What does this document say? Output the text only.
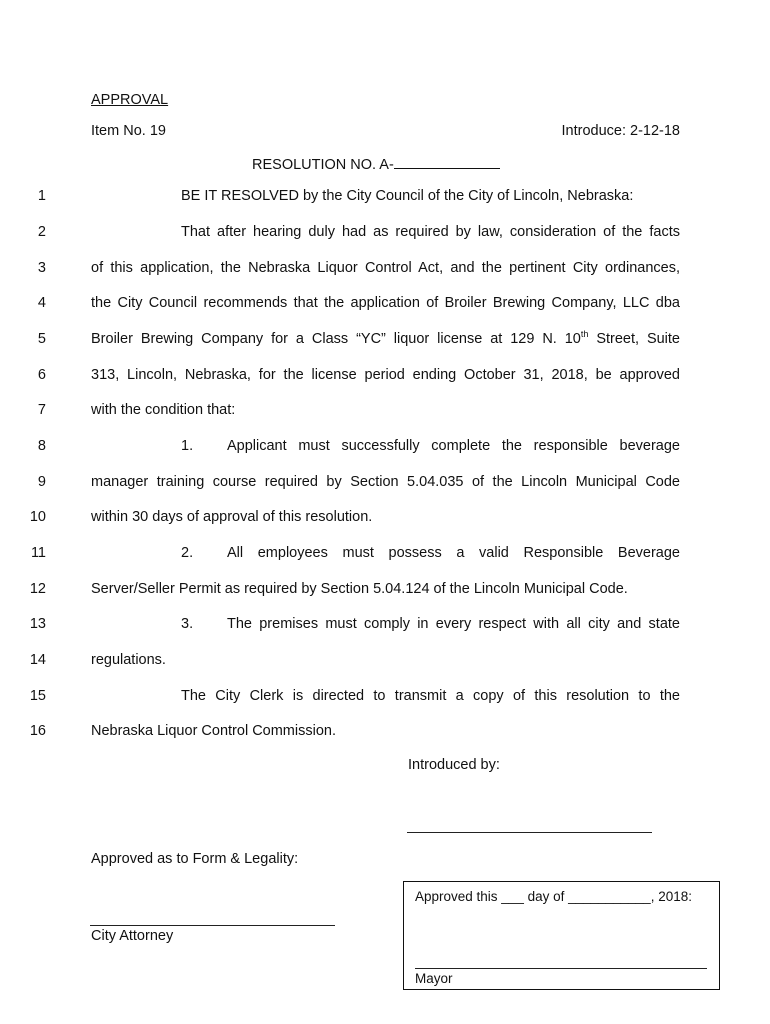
APPROVAL
Item No. 19	Introduce: 2-12-18
RESOLUTION NO. A-
1	BE IT RESOLVED by the City Council of the City of Lincoln, Nebraska:
2	That after hearing duly had as required by law, consideration of the facts
3	of this application, the Nebraska Liquor Control Act, and the pertinent City ordinances,
4	the City Council recommends that the application of Broiler Brewing Company, LLC dba
5	Broiler Brewing Company for a Class “YC” liquor license at 129 N. 10th Street, Suite
6	313, Lincoln, Nebraska, for the license period ending October 31, 2018, be approved
7	with the condition that:
8	1.	Applicant must successfully complete the responsible beverage
9	manager training course required by Section 5.04.035 of the Lincoln Municipal Code
10	within 30 days of approval of this resolution.
11	2.	All employees must possess a valid Responsible Beverage
12	Server/Seller Permit as required by Section 5.04.124 of the Lincoln Municipal Code.
13	3.	The premises must comply in every respect with all city and state
14	regulations.
15	The City Clerk is directed to transmit a copy of this resolution to the
16	Nebraska Liquor Control Commission.
Introduced by:
Approved as to Form & Legality:
City Attorney
Approved this ___ day of ___________, 2018:
Mayor
